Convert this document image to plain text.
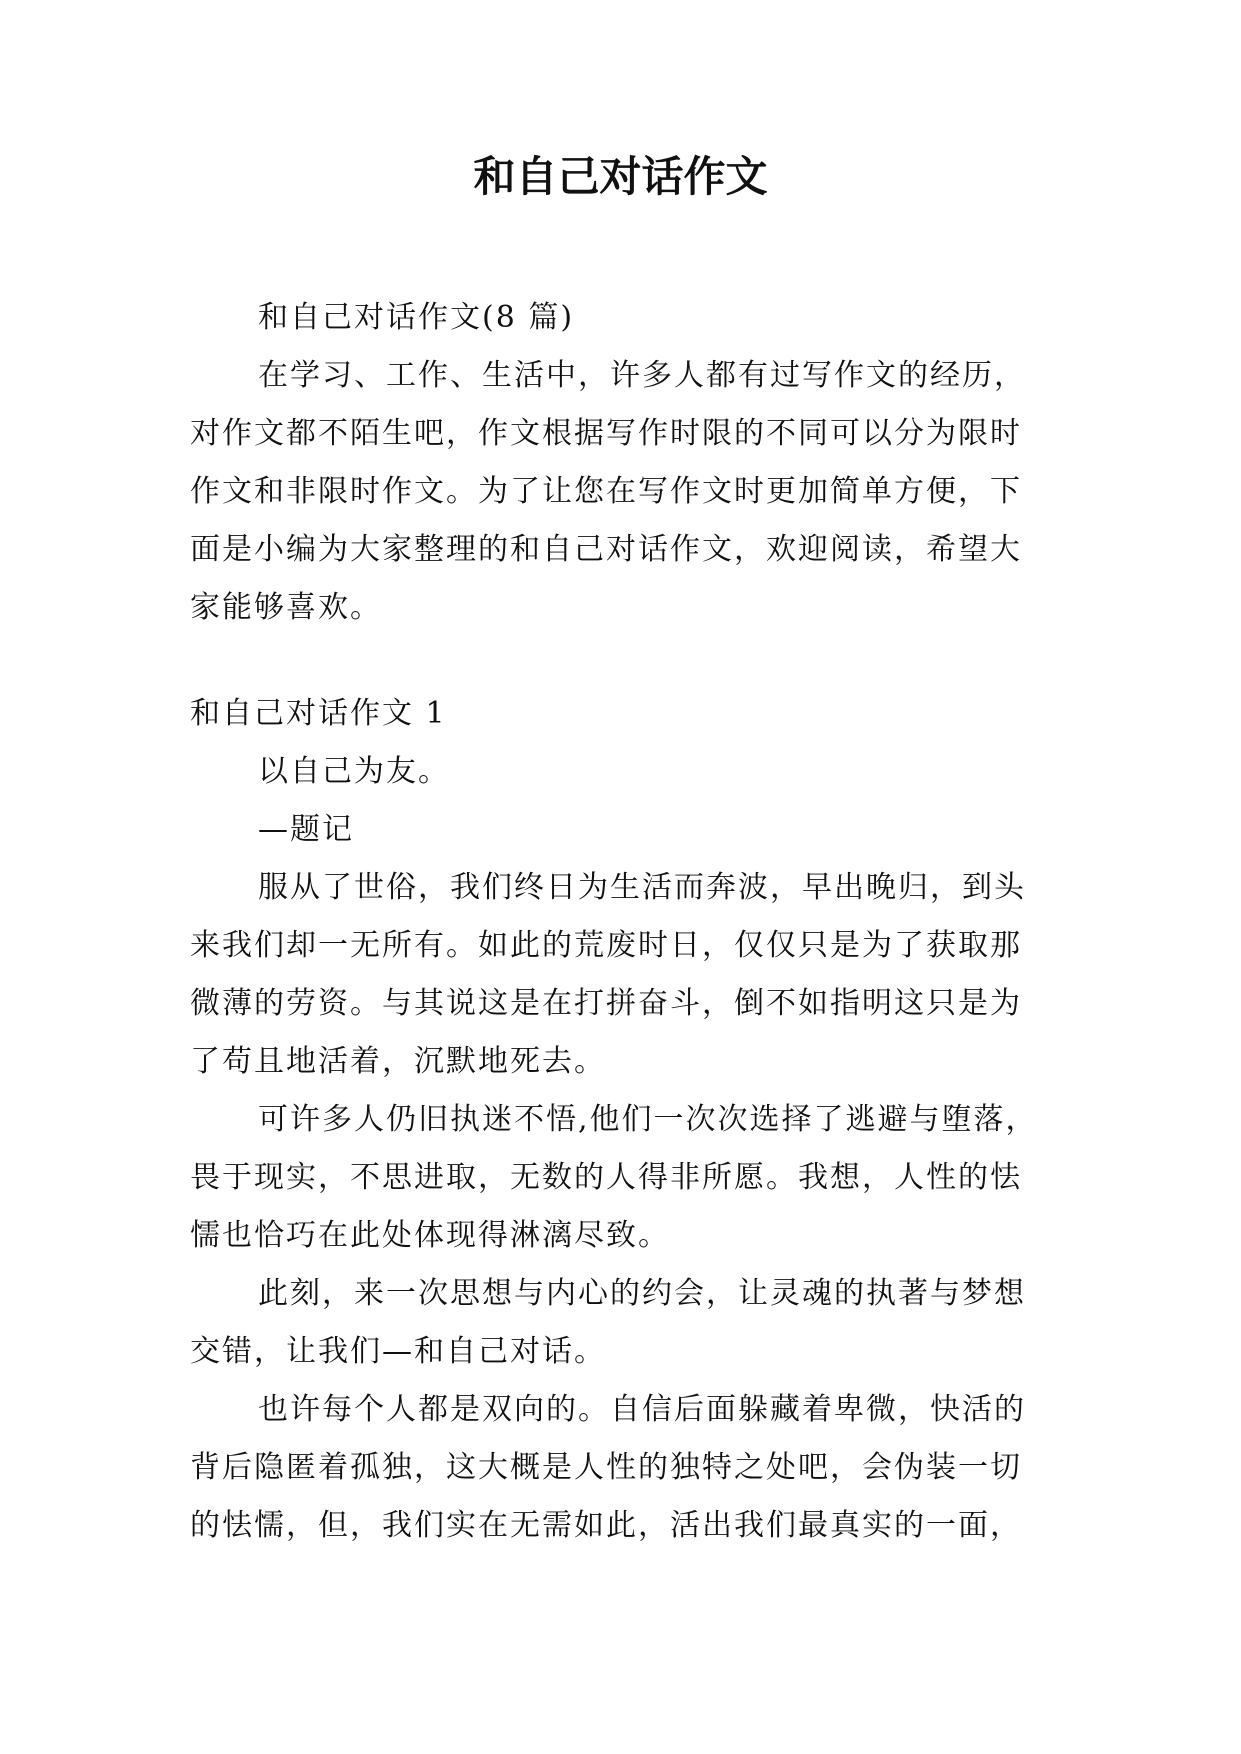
和自己对话作文
和自己对话作文(8 篇)
在学习、工作、生活中，许多人都有过写作文的经历，
对作文都不陌生吧，作文根据写作时限的不同可以分为限时
作文和非限时作文。为了让您在写作文时更加简单方便，下
面是小编为大家整理的和自己对话作文，欢迎阅读，希望大
家能够喜欢。
和自己对话作文 1
以自己为友。
—题记
服从了世俗，我们终日为生活而奔波，早出晚归，到头
来我们却一无所有。如此的荒废时日，仅仅只是为了获取那
微薄的劳资。与其说这是在打拼奋斗，倒不如指明这只是为
了苟且地活着，沉默地死去。
可许多人仍旧执迷不悟,他们一次次选择了逃避与堕落，
畏于现实，不思进取，无数的人得非所愿。我想，人性的怯
懦也恰巧在此处体现得淋漓尽致。
此刻，来一次思想与内心的约会，让灵魂的执著与梦想
交错，让我们—和自己对话。
也许每个人都是双向的。自信后面躲藏着卑微，快活的
背后隐匿着孤独，这大概是人性的独特之处吧，会伪装一切
的怯懦，但，我们实在无需如此，活出我们最真实的一面，
